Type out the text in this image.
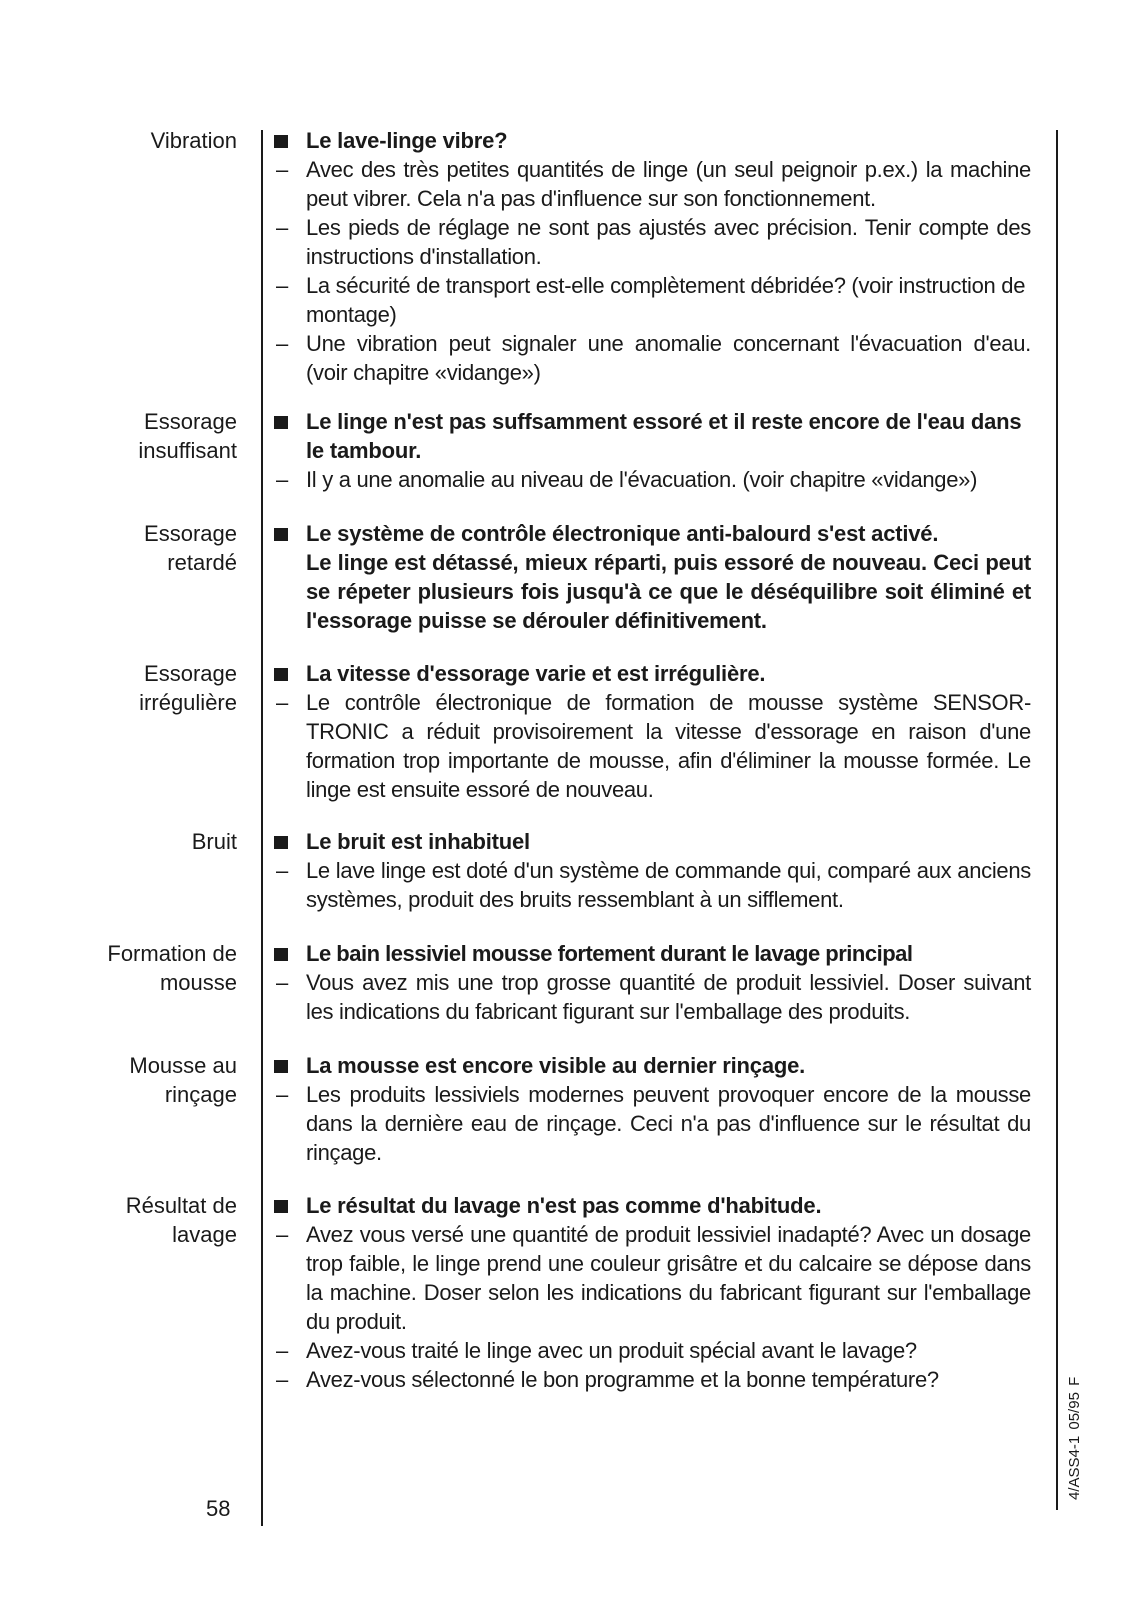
Vibration	Le lave-linge vibre?
– Avec des très petites quantités de linge (un seul peignoir p.ex.) la machine peut vibrer. Cela n'a pas d'influence sur son fonctionnement.
– Les pieds de réglage ne sont pas ajustés avec précision. Tenir compte des instructions d'installation.
– La sécurité de transport est-elle complètement débridée? (voir instruction de montage)
– Une vibration peut signaler une anomalie concernant l'évacuation d'eau. (voir chapitre «vidange»)
Essorage
insuffisant
Le linge n'est pas suffsamment essoré et il reste encore de l'eau dans le tambour.
– Il y a une anomalie au niveau de l'évacuation. (voir chapitre «vidange»)
Essorage
retardé
Le système de contrôle électronique anti-balourd s'est activé.
Le linge est détassé, mieux réparti, puis essoré de nouveau. Ceci peut se répeter plusieurs fois jusqu'à ce que le déséquilibre soit éliminé et l'essorage puisse se dérouler définitivement.
Essorage
irrégulière
La vitesse d'essorage varie et est irrégulière.
– Le contrôle électronique de formation de mousse système SENSOR-TRONIC a réduit provisoirement la vitesse d'essorage en raison d'une formation trop importante de mousse, afin d'éliminer la mousse formée. Le linge est ensuite essoré de nouveau.
Bruit	Le bruit est inhabituel
– Le lave linge est doté d'un système de commande qui, comparé aux anciens systèmes, produit des bruits ressemblant à un sifflement.
Formation de
mousse
Le bain lessiviel mousse fortement durant le lavage principal
– Vous avez mis une trop grosse quantité de produit lessiviel. Doser suivant les indications du fabricant figurant sur l'emballage des produits.
Mousse au
rinçage
La mousse est encore visible au dernier rinçage.
– Les produits lessiviels modernes peuvent provoquer encore de la mousse dans la dernière eau de rinçage. Ceci n'a pas d'influence sur le résultat du rinçage.
Résultat de
lavage
Le résultat du lavage n'est pas comme d'habitude.
– Avez vous versé une quantité de produit lessiviel inadapté? Avec un dosage trop faible, le linge prend une couleur grisâtre et du calcaire se dépose dans la machine. Doser selon les indications du fabricant figurant sur l'emballage du produit.
– Avez-vous traité le linge avec un produit spécial avant le lavage?
– Avez-vous sélectonné le bon programme et la bonne température?
58
4/ASS4-1 05/95 F
